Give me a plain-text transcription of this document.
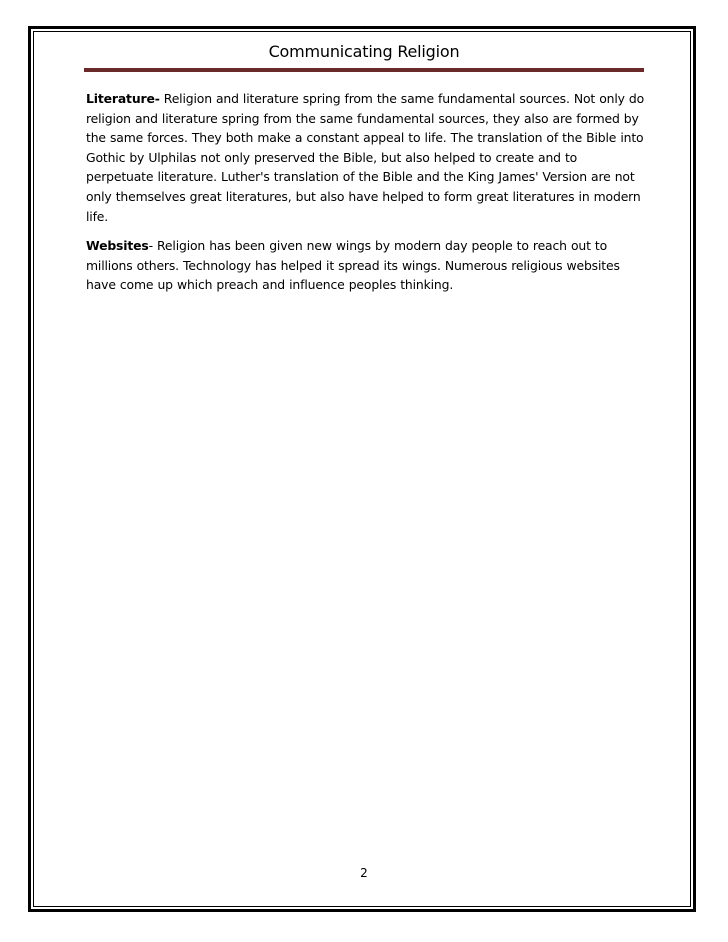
Communicating Religion

Literature- Religion and literature spring from the same fundamental sources. Not only do religion and literature spring from the same fundamental sources, they also are formed by the same forces. They both make a constant appeal to life. The translation of the Bible into Gothic by Ulphilas not only preserved the Bible, but also helped to create and to perpetuate literature. Luther's translation of the Bible and the King James' Version are not only themselves great literatures, but also have helped to form great literatures in modern life.

Websites- Religion has been given new wings by modern day people to reach out to millions others. Technology has helped it spread its wings. Numerous religious websites have come up which preach and influence peoples thinking.

2
